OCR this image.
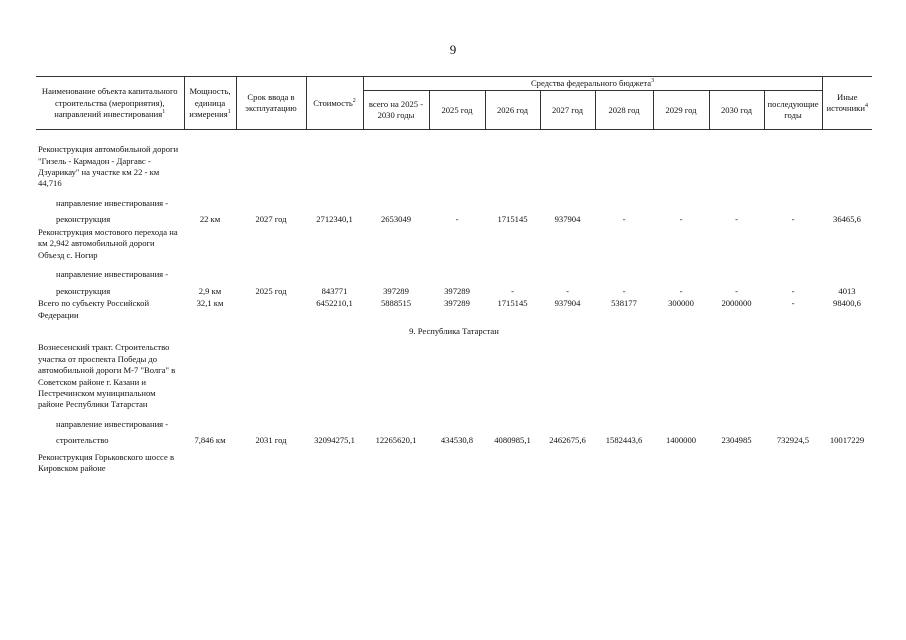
9
Наименование объекта капитального строительства (мероприятия), направлений инвестирования$^1$	Мощность, единица измерения$^1$	Срок ввода в эксплуатацию	Стоимость$^2$	Средства федерального бюджета$^3$								Иные источники$^4$
				всего на 2025 - 2030 годы	2025 год	2026 год	2027 год	2028 год	2029 год	2030 год	последующие годы	

Реконструкция автомобильной дороги "Гизель - Кармадон - Даргавс - Дзуарикау" на участке км 22 - км 44,716												
направление инвестирования -												
реконструкция	22 км	2027 год	2712340,1	2653049	-	1715145	937904	-	-	-	-	36465,6
Реконструкция мостового перехода на км 2,942 автомобильной дороги Объезд с. Ногир												
направление инвестирования -												
реконструкция	2,9 км	2025 год	843771	397289	397289	-	-	-	-	-	-	4013
Всего по субъекту Российской Федерации	32,1 км		6452210,1	5888515	397289	1715145	937904	538177	300000	2000000	-	98400,6
9. Республика Татарстан												
Вознесенский тракт. Строительство участка от проспекта Победы до автомобильной дороги М-7 "Волга" в Советском районе г. Казани и Пестречинском муниципальном районе Республики Татарстан												
направление инвестирования -												
строительство	7,846 км	2031 год	32094275,1	12265620,1	434530,8	4080985,1	2462675,6	1582443,6	1400000	2304985	732924,5	10017229
Реконструкция Горьковского шоссе в Кировском районе												
